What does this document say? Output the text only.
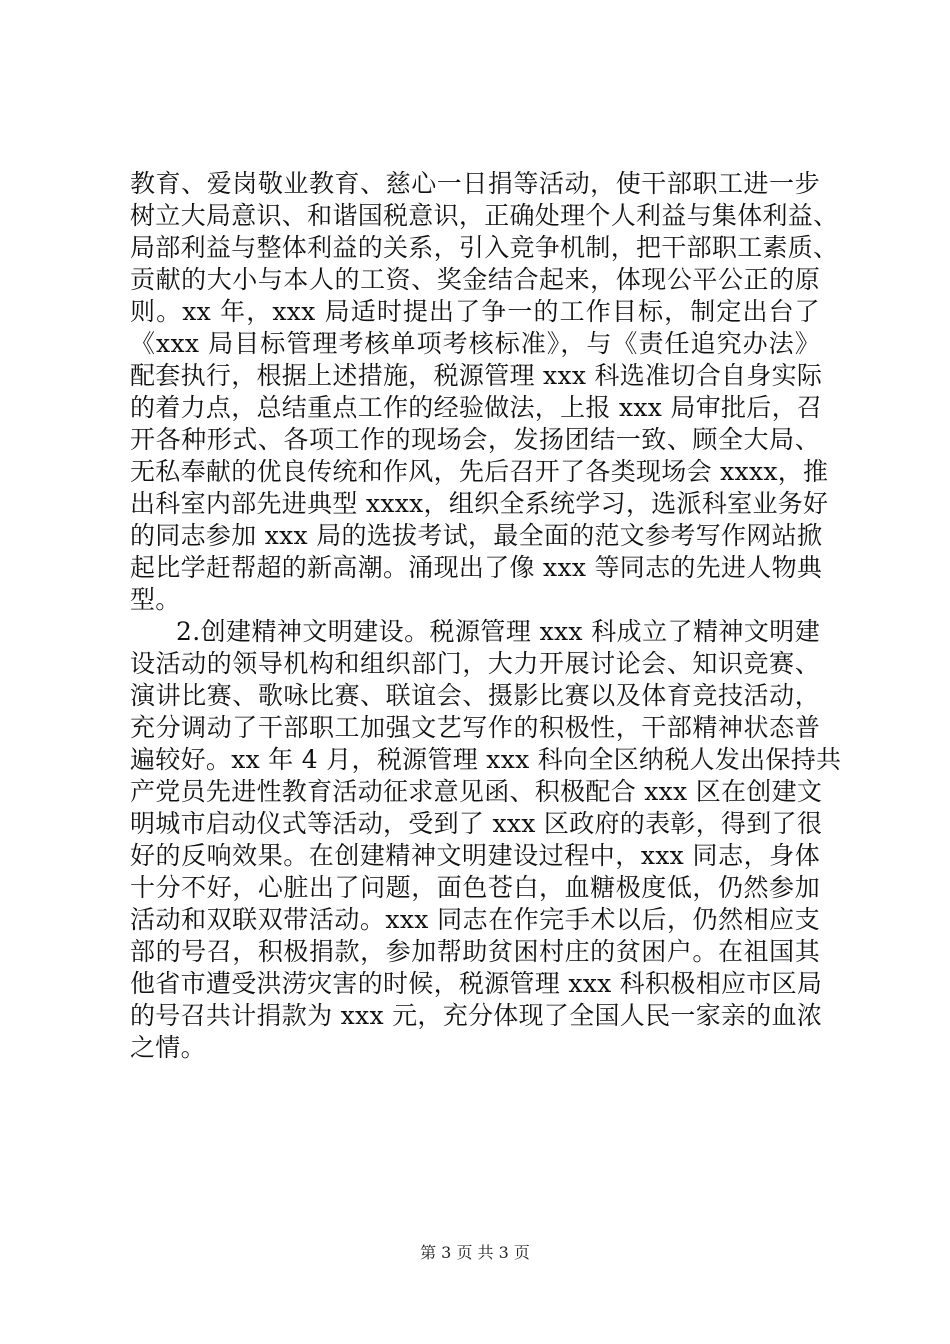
教育、爱岗敬业教育、慈心一日捐等活动，使干部职工进一步
树立大局意识、和谐国税意识，正确处理个人利益与集体利益、
局部利益与整体利益的关系，引入竞争机制，把干部职工素质、
贡献的大小与本人的工资、奖金结合起来，体现公平公正的原
则。xx 年，xxx 局适时提出了争一的工作目标，制定出台了
《xxx 局目标管理考核单项考核标准》，与《责任追究办法》
配套执行，根据上述措施，税源管理 xxx 科选准切合自身实际
的着力点，总结重点工作的经验做法，上报 xxx 局审批后，召
开各种形式、各项工作的现场会，发扬团结一致、顾全大局、
无私奉献的优良传统和作风，先后召开了各类现场会 xxxx，推
出科室内部先进典型 xxxx，组织全系统学习，选派科室业务好
的同志参加 xxx 局的选拔考试，最全面的范文参考写作网站掀
起比学赶帮超的新高潮。涌现出了像 xxx 等同志的先进人物典
型。
2.创建精神文明建设。税源管理 xxx 科成立了精神文明建
设活动的领导机构和组织部门，大力开展讨论会、知识竞赛、
演讲比赛、歌咏比赛、联谊会、摄影比赛以及体育竞技活动，
充分调动了干部职工加强文艺写作的积极性，干部精神状态普
遍较好。xx 年 4 月，税源管理 xxx 科向全区纳税人发出保持共
产党员先进性教育活动征求意见函、积极配合 xxx 区在创建文
明城市启动仪式等活动，受到了 xxx 区政府的表彰，得到了很
好的反响效果。在创建精神文明建设过程中，xxx 同志，身体
十分不好，心脏出了问题，面色苍白，血糖极度低，仍然参加
活动和双联双带活动。xxx 同志在作完手术以后，仍然相应支
部的号召，积极捐款，参加帮助贫困村庄的贫困户。在祖国其
他省市遭受洪涝灾害的时候，税源管理 xxx 科积极相应市区局
的号召共计捐款为 xxx 元，充分体现了全国人民一家亲的血浓
之情。
第 3 页 共 3 页
